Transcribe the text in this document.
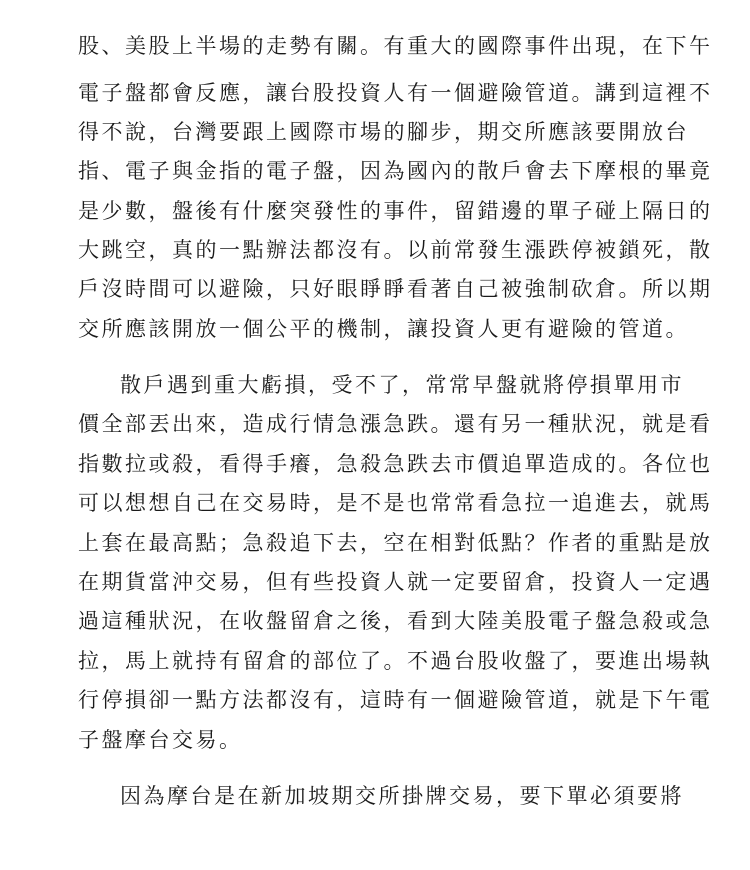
股、美股上半場的走勢有關。有重大的國際事件出現，在下午
電子盤都會反應，讓台股投資人有一個避險管道。講到這裡不
得不說，台灣要跟上國際市場的腳步，期交所應該要開放台
指、電子與金指的電子盤，因為國內的散戶會去下摩根的畢竟
是少數，盤後有什麼突發性的事件，留錯邊的單子碰上隔日的
大跳空，真的一點辦法都沒有。以前常發生漲跌停被鎖死，散
戶沒時間可以避險，只好眼睜睜看著自己被強制砍倉。所以期
交所應該開放一個公平的機制，讓投資人更有避險的管道。
散戶遇到重大虧損，受不了，常常早盤就將停損單用市
價全部丟出來，造成行情急漲急跌。還有另一種狀況，就是看
指數拉或殺，看得手癢，急殺急跌去市價追單造成的。各位也
可以想想自己在交易時，是不是也常常看急拉一追進去，就馬
上套在最高點；急殺追下去，空在相對低點？作者的重點是放
在期貨當沖交易，但有些投資人就一定要留倉，投資人一定遇
過這種狀況，在收盤留倉之後，看到大陸美股電子盤急殺或急
拉，馬上就持有留倉的部位了。不過台股收盤了，要進出場執
行停損卻一點方法都沒有，這時有一個避險管道，就是下午電
子盤摩台交易。
因為摩台是在新加坡期交所掛牌交易，要下單必須要將
